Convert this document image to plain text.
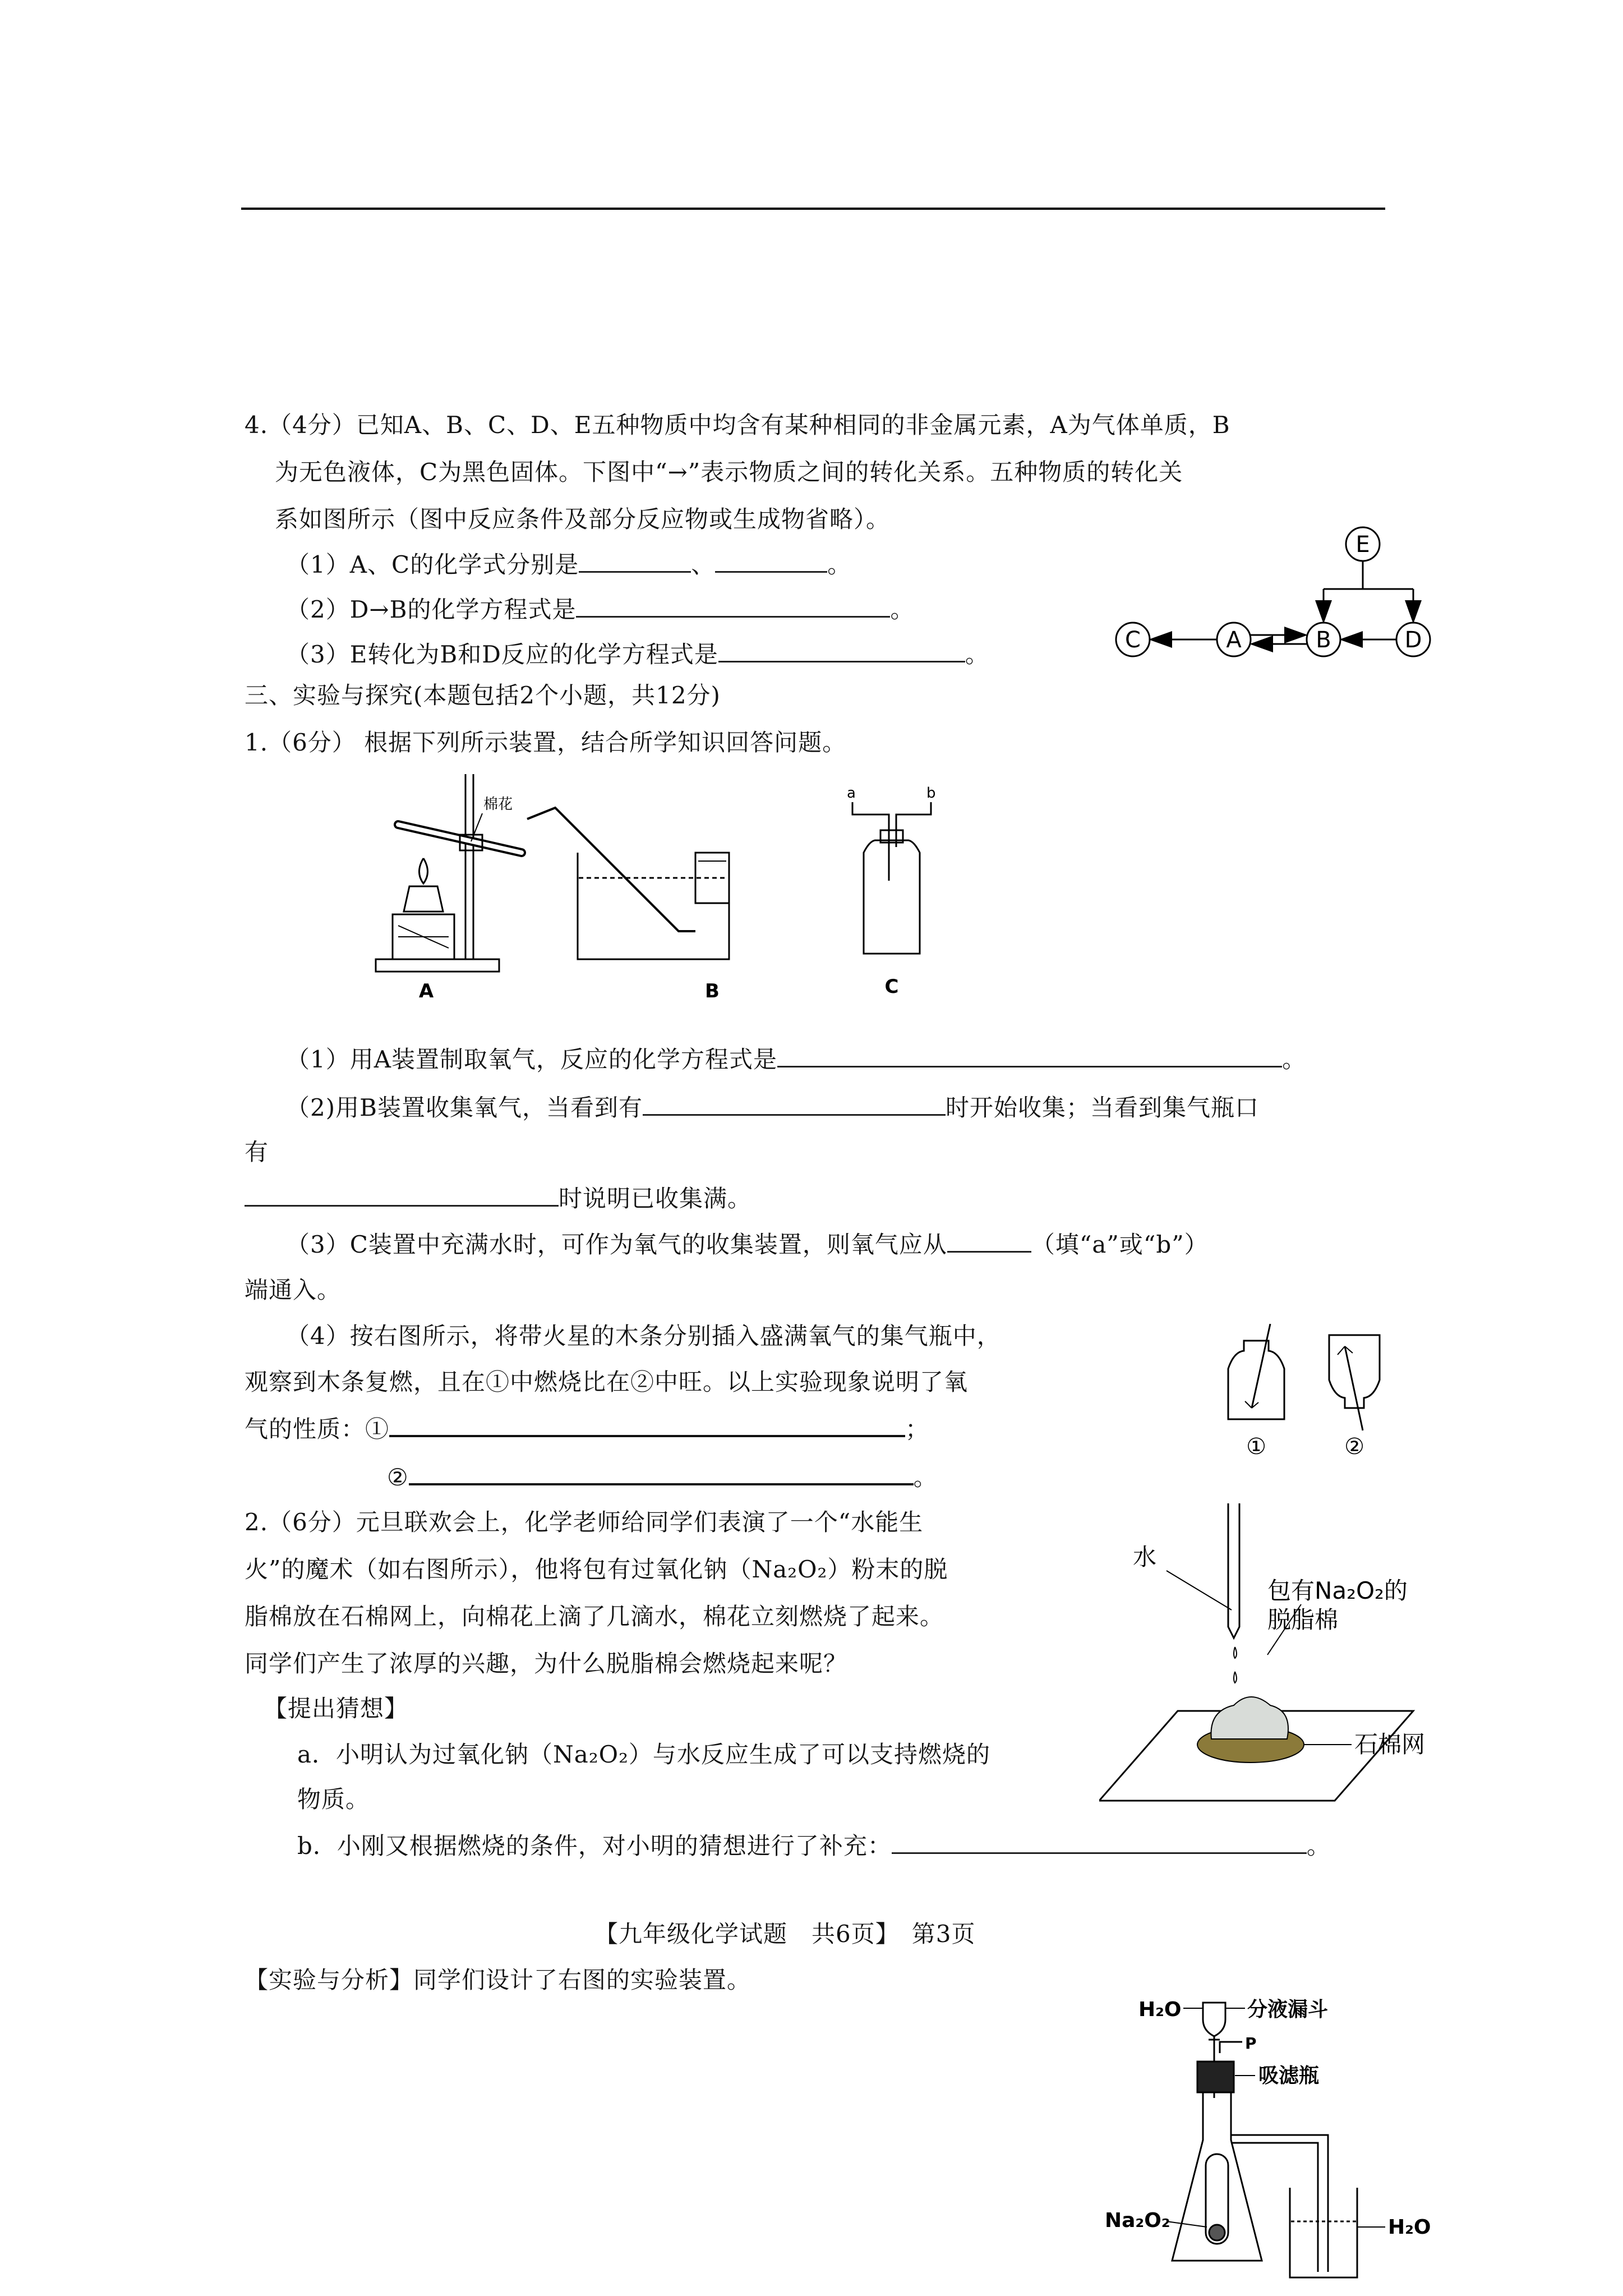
4.（4分）已知A、B、C、D、E五种物质中均含有某种相同的非金属元素，A为气体单质，B
为无色液体，C为黑色固体。下图中“→”表示物质之间的转化关系。五种物质的转化关
系如图所示（图中反应条件及部分反应物或生成物省略）。
（1）A、C的化学式分别是	、	。
（2）D→B的化学方程式是	。
（3）E转化为B和D反应的化学方程式是	。
E
C	A	B	D
三、实验与探究(本题包括2个小题，共12分)
1.（6分） 根据下列所示装置，结合所学知识回答问题。
棉花
a	b
A	B	C
（1）用A装置制取氧气，反应的化学方程式是	。
（2)用B装置收集氧气，当看到有	时开始收集；当看到集气瓶口
有
时说明已收集满。
（3）C装置中充满水时，可作为氧气的收集装置，则氧气应从	（填“a”或“b”）
端通入。
（4）按右图所示，将带火星的木条分别插入盛满氧气的集气瓶中，
观察到木条复燃，且在①中燃烧比在②中旺。以上实验现象说明了氧
气的性质：①	；
②	。
①	②
2.（6分）元旦联欢会上，化学老师给同学们表演了一个“水能生
火”的魔术（如右图所示），他将包有过氧化钠（Na₂O₂）粉末的脱
脂棉放在石棉网上，向棉花上滴了几滴水，棉花立刻燃烧了起来。
同学们产生了浓厚的兴趣，为什么脱脂棉会燃烧起来呢？
【提出猜想】
a．小明认为过氧化钠（Na₂O₂）与水反应生成了可以支持燃烧的
物质。
b．小刚又根据燃烧的条件，对小明的猜想进行了补充：	。
水
包有Na₂O₂的
脱脂棉
石棉网
【九年级化学试题　共6页】　第3页
【实验与分析】同学们设计了右图的实验装置。
H₂O	分液漏斗
P
吸滤瓶
Na₂O₂	H₂O
